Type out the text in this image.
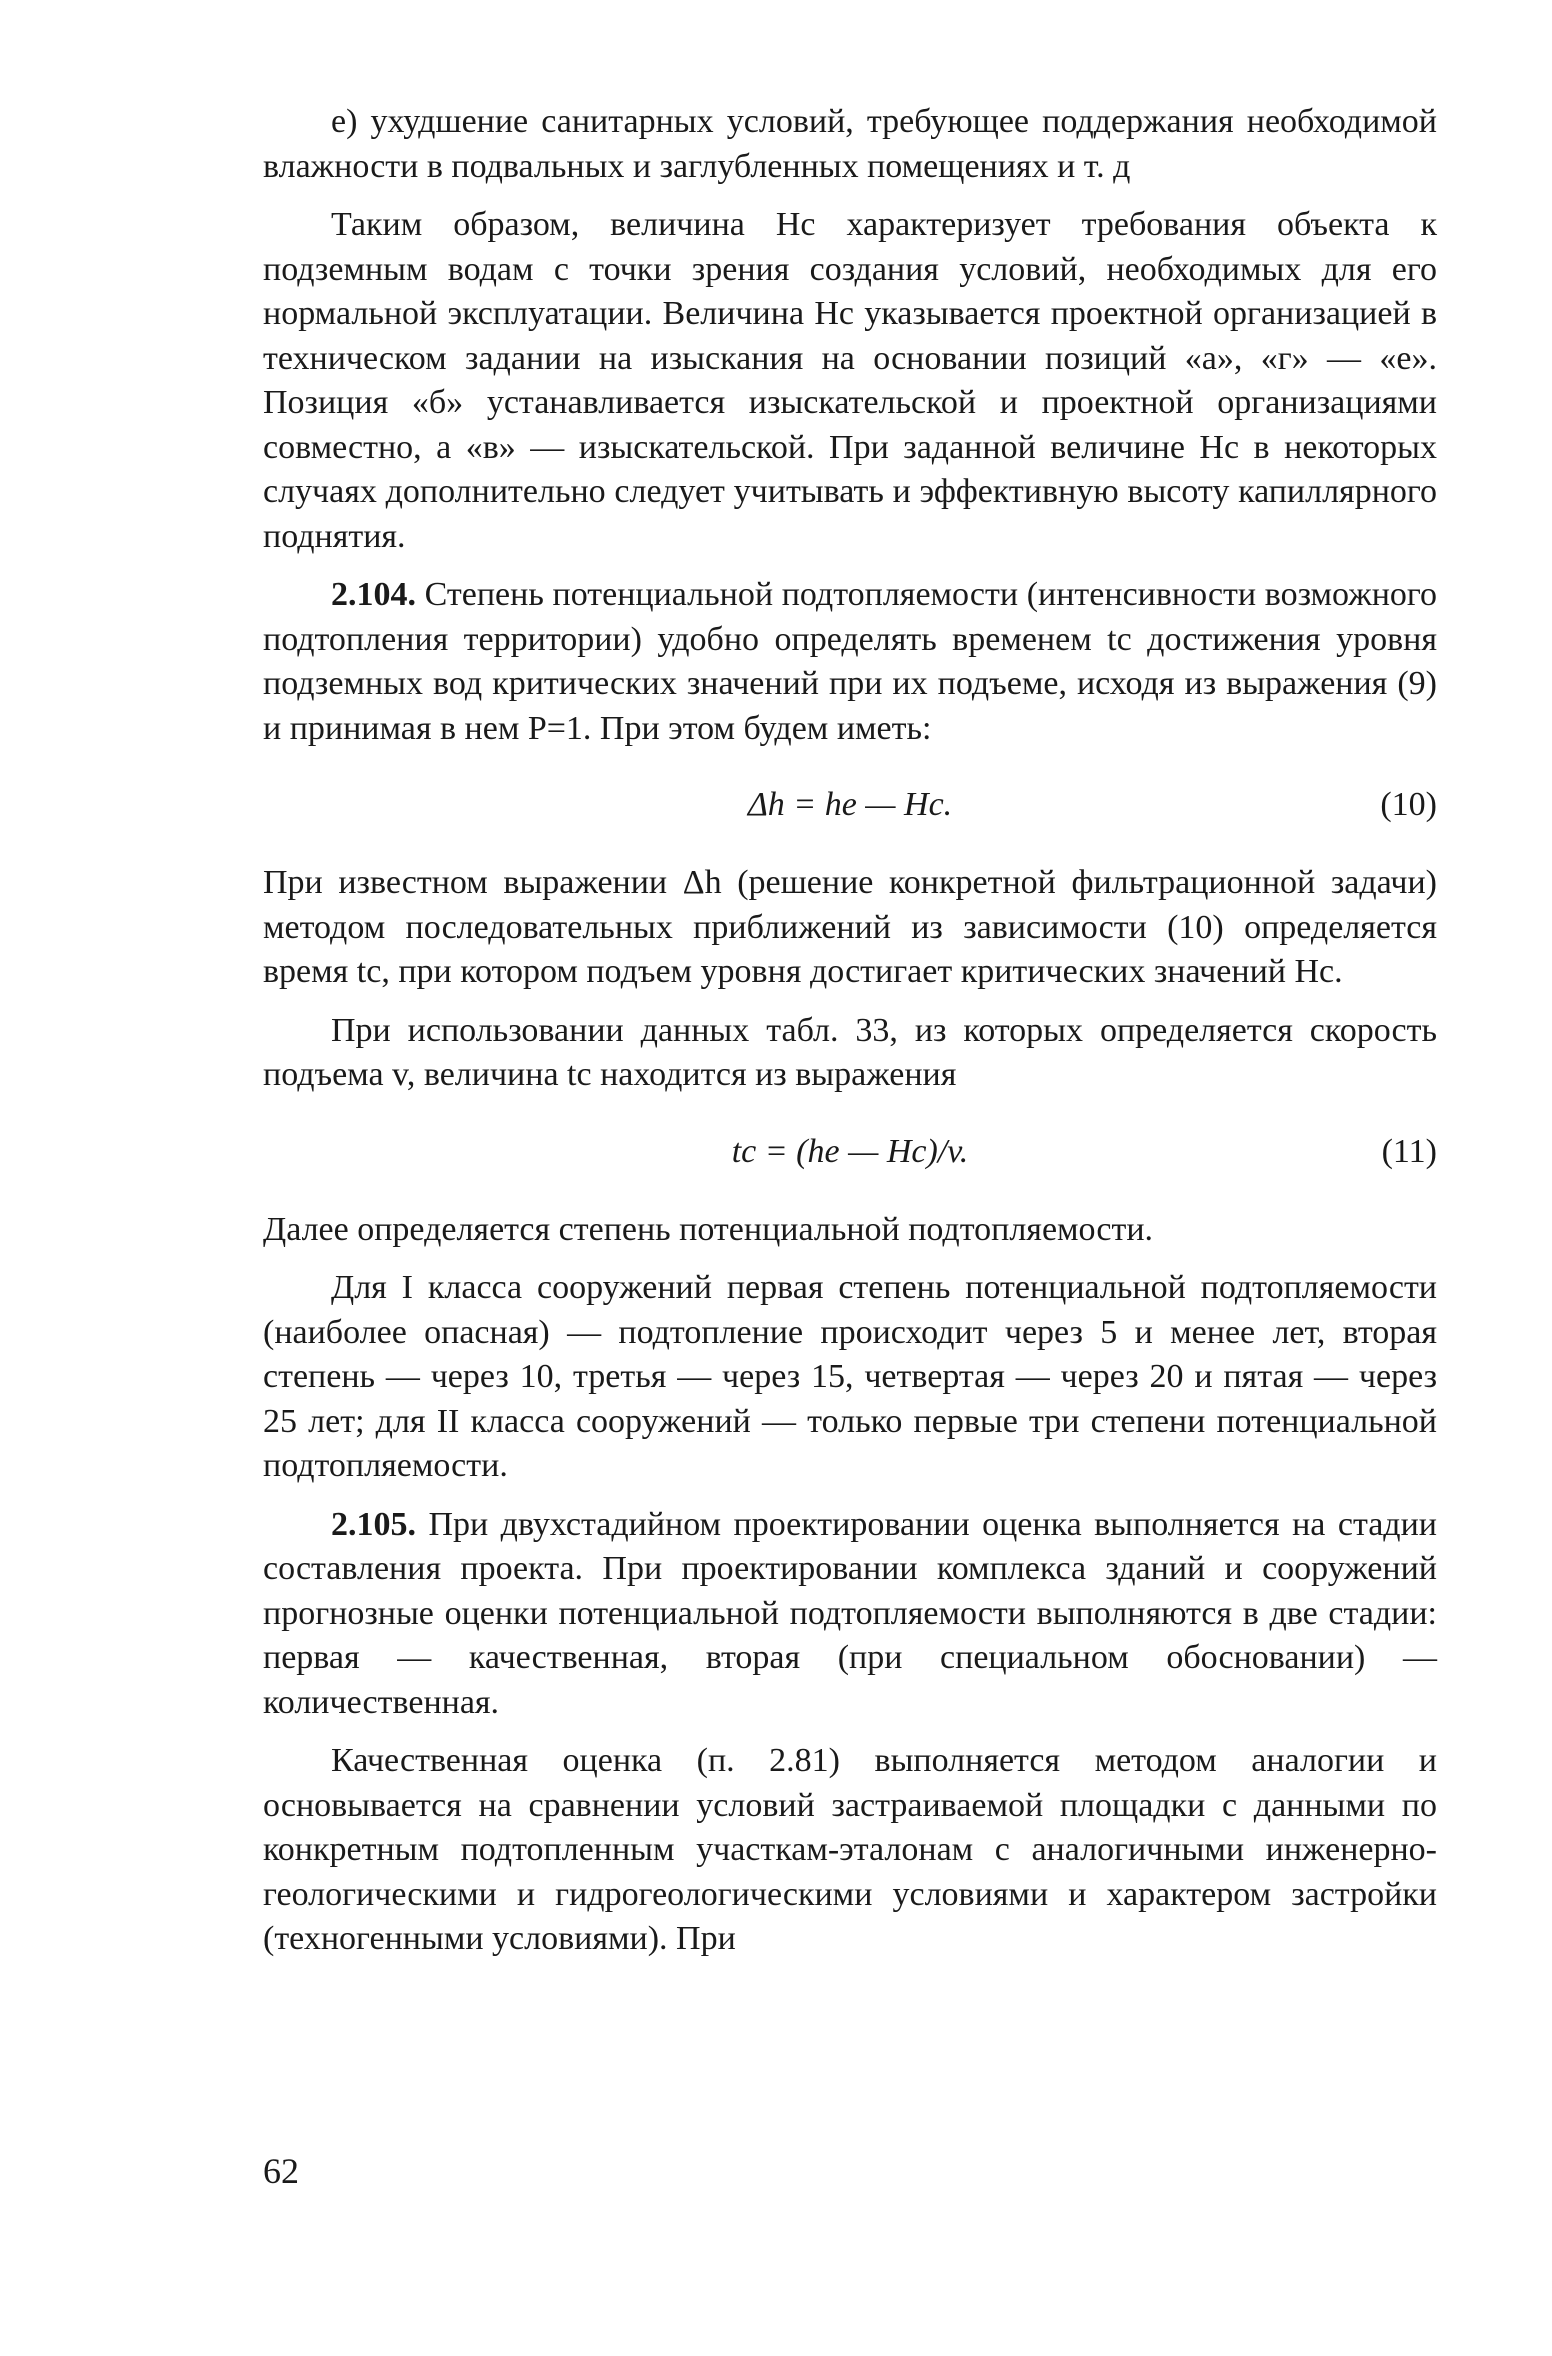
е) ухудшение санитарных условий, требующее поддержания необходимой влажности в подвальных и заглубленных помещениях и т. д

Таким образом, величина Hс характеризует требования объекта к подземным водам с точки зрения создания условий, необходимых для его нормальной эксплуатации. Величина Hс указывается проектной организацией в техническом задании на изыскания на основании позиций «а», «г» — «е». Позиция «б» устанавливается изыскательской и проектной организациями совместно, а «в» — изыскательской. При заданной величине Hс в некоторых случаях дополнительно следует учитывать и эффективную высоту капиллярного поднятия.

2.104. Степень потенциальной подтопляемости (интенсивности возможного подтопления территории) удобно определять временем tс достижения уровня подземных вод критических значений при их подъеме, исходя из выражения (9) и принимая в нем P=1. При этом будем иметь:

Δh = he — Hс.	(10)

При известном выражении Δh (решение конкретной фильтрационной задачи) методом последовательных приближений из зависимости (10) определяется время tс, при котором подъем уровня достигает критических значений Hс.

При использовании данных табл. 33, из которых определяется скорость подъема v, величина tс находится из выражения

tс = (he — Hс)/v.	(11)

Далее определяется степень потенциальной подтопляемости.

Для I класса сооружений первая степень потенциальной подтопляемости (наиболее опасная) — подтопление происходит через 5 и менее лет, вторая степень — через 10, третья — через 15, четвертая — через 20 и пятая — через 25 лет; для II класса сооружений — только первые три степени потенциальной подтопляемости.

2.105. При двухстадийном проектировании оценка выполняется на стадии составления проекта. При проектировании комплекса зданий и сооружений прогнозные оценки потенциальной подтопляемости выполняются в две стадии: первая — качественная, вторая (при специальном обосновании) — количественная.

Качественная оценка (п. 2.81) выполняется методом аналогии и основывается на сравнении условий застраиваемой площадки с данными по конкретным подтопленным участкам-эталонам с аналогичными инженерно-геологическими и гидрогеологическими условиями и характером застройки (техногенными условиями). При

62
